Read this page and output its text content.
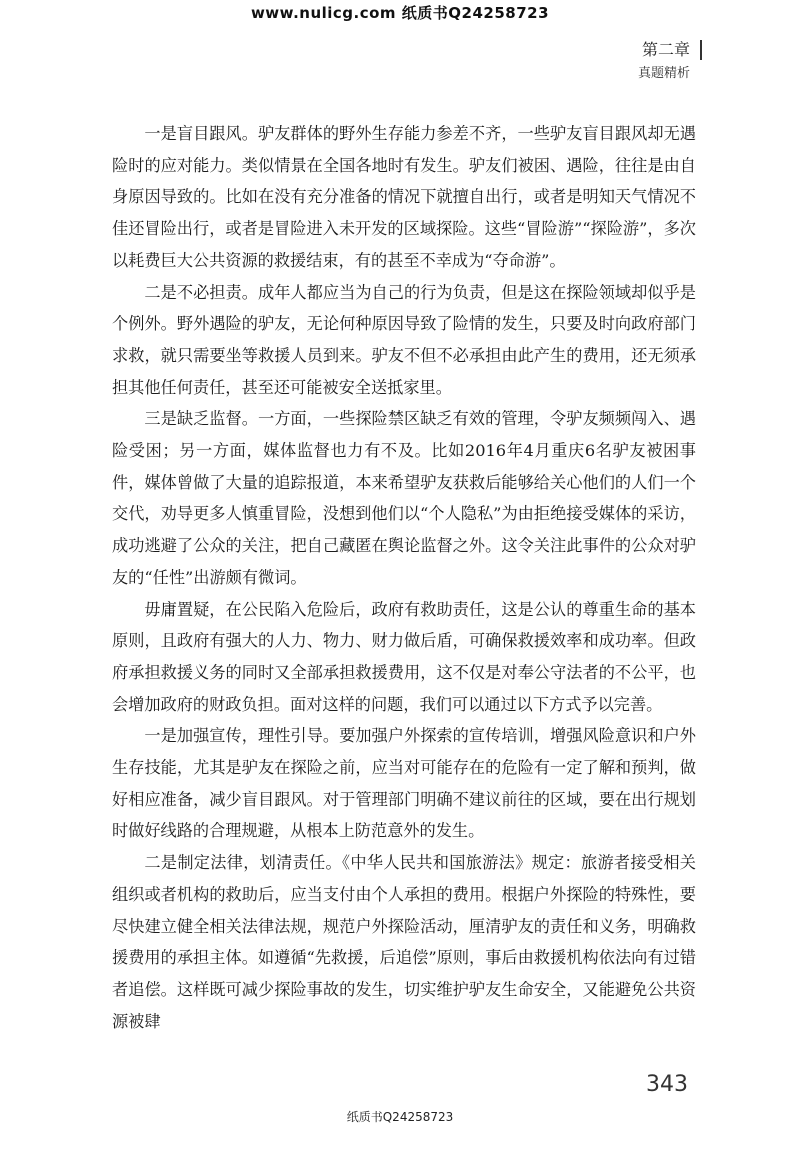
www.nulicg.com 纸质书Q24258723
第二章
真题精析

一是盲目跟风。驴友群体的野外生存能力参差不齐，一些驴友盲目跟风却无遇险时的应对能力。类似情景在全国各地时有发生。驴友们被困、遇险，往往是由自身原因导致的。比如在没有充分准备的情况下就擅自出行，或者是明知天气情况不佳还冒险出行，或者是冒险进入未开发的区域探险。这些“冒险游”“探险游”，多次以耗费巨大公共资源的救援结束，有的甚至不幸成为“夺命游”。

二是不必担责。成年人都应当为自己的行为负责，但是这在探险领域却似乎是个例外。野外遇险的驴友，无论何种原因导致了险情的发生，只要及时向政府部门求救，就只需要坐等救援人员到来。驴友不但不必承担由此产生的费用，还无须承担其他任何责任，甚至还可能被安全送抵家里。

三是缺乏监督。一方面，一些探险禁区缺乏有效的管理，令驴友频频闯入、遇险受困；另一方面，媒体监督也力有不及。比如2016年4月重庆6名驴友被困事件，媒体曾做了大量的追踪报道，本来希望驴友获救后能够给关心他们的人们一个交代，劝导更多人慎重冒险，没想到他们以“个人隐私”为由拒绝接受媒体的采访，成功逃避了公众的关注，把自己藏匿在舆论监督之外。这令关注此事件的公众对驴友的“任性”出游颇有微词。

毋庸置疑，在公民陷入危险后，政府有救助责任，这是公认的尊重生命的基本原则，且政府有强大的人力、物力、财力做后盾，可确保救援效率和成功率。但政府承担救援义务的同时又全部承担救援费用，这不仅是对奉公守法者的不公平，也会增加政府的财政负担。面对这样的问题，我们可以通过以下方式予以完善。

一是加强宣传，理性引导。要加强户外探索的宣传培训，增强风险意识和户外生存技能，尤其是驴友在探险之前，应当对可能存在的危险有一定了解和预判，做好相应准备，减少盲目跟风。对于管理部门明确不建议前往的区域，要在出行规划时做好线路的合理规避，从根本上防范意外的发生。

二是制定法律，划清责任。《中华人民共和国旅游法》规定：旅游者接受相关组织或者机构的救助后，应当支付由个人承担的费用。根据户外探险的特殊性，要尽快建立健全相关法律法规，规范户外探险活动，厘清驴友的责任和义务，明确救援费用的承担主体。如遵循“先救援，后追偿”原则，事后由救援机构依法向有过错者追偿。这样既可减少探险事故的发生，切实维护驴友生命安全，又能避免公共资源被肆

343
纸质书Q24258723
